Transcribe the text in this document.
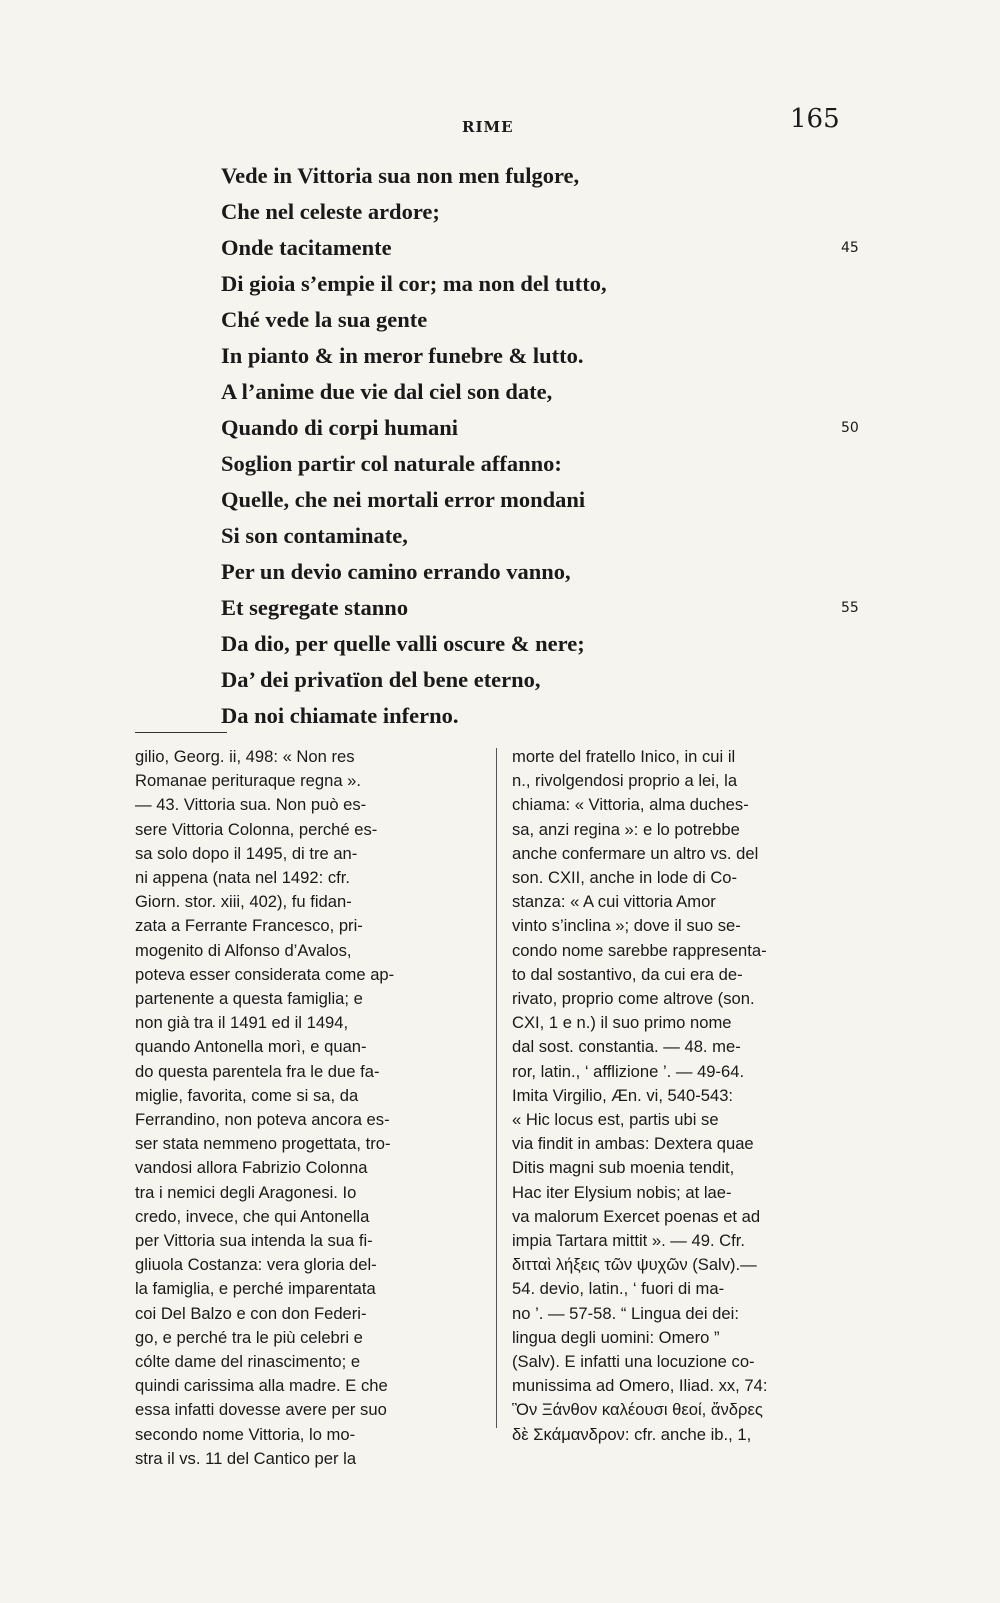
RIME	165
Vede in Vittoria sua non men fulgore,
Che nel celeste ardore;
Onde tacitamente	45
Di gioia s’empie il cor; ma non del tutto,
Ché vede la sua gente
In pianto & in meror funebre & lutto.
A l’anime due vie dal ciel son date,
Quando di corpi humani	50
Soglion partir col naturale affanno:
Quelle, che nei mortali error mondani
Si son contaminate,
Per un devio camino errando vanno,
Et segregate stanno	55
Da dio, per quelle valli oscure & nere;
Da’ dei privatïon del bene eterno,
Da noi chiamate inferno.
gilio, Georg. ii, 498: « Non res
Romanae perituraque regna ».
— 43. Vittoria sua. Non può es-
sere Vittoria Colonna, perché es-
sa solo dopo il 1495, di tre an-
ni appena (nata nel 1492: cfr.
Giorn. stor. xiii, 402), fu fidan-
zata a Ferrante Francesco, pri-
mogenito di Alfonso d’Avalos,
poteva esser considerata come ap-
partenente a questa famiglia; e
non già tra il 1491 ed il 1494,
quando Antonella morì, e quan-
do questa parentela fra le due fa-
miglie, favorita, come si sa, da
Ferrandino, non poteva ancora es-
ser stata nemmeno progettata, tro-
vandosi allora Fabrizio Colonna
tra i nemici degli Aragonesi. Io
credo, invece, che qui Antonella
per Vittoria sua intenda la sua fi-
gliuola Costanza: vera gloria del-
la famiglia, e perché imparentata
coi Del Balzo e con don Federi-
go, e perché tra le più celebri e
cólte dame del rinascimento; e
quindi carissima alla madre. E che
essa infatti dovesse avere per suo
secondo nome Vittoria, lo mo-
stra il vs. 11 del Cantico per la
morte del fratello Inico, in cui il
n., rivolgendosi proprio a lei, la
chiama: « Vittoria, alma duches-
sa, anzi regina »: e lo potrebbe
anche confermare un altro vs. del
son. CXII, anche in lode di Co-
stanza: « A cui vittoria Amor
vinto s’inclina »; dove il suo se-
condo nome sarebbe rappresenta-
to dal sostantivo, da cui era de-
rivato, proprio come altrove (son.
CXI, 1 e n.) il suo primo nome
dal sost. constantia. — 48. me-
ror, latin., ‘ afflizione ’. — 49-64.
Imita Virgilio, Æn. vi, 540-543:
« Hic locus est, partis ubi se
via findit in ambas: Dextera quae
Ditis magni sub moenia tendit,
Hac iter Elysium nobis; at lae-
va malorum Exercet poenas et ad
impia Tartara mittit ». — 49. Cfr.
διτταὶ λήξεις τῶν ψυχῶν (Salv).—
54. devio, latin., ‘ fuori di ma-
no ’. — 57-58. “ Lingua dei dei:
lingua degli uomini: Omero ”
(Salv). E infatti una locuzione co-
munissima ad Omero, Iliad. xx, 74:
Ὃν Ξάνθον καλέουσι θεοί, ἄνδρες
δὲ Σκάμανδρον: cfr. anche ib., 1,
